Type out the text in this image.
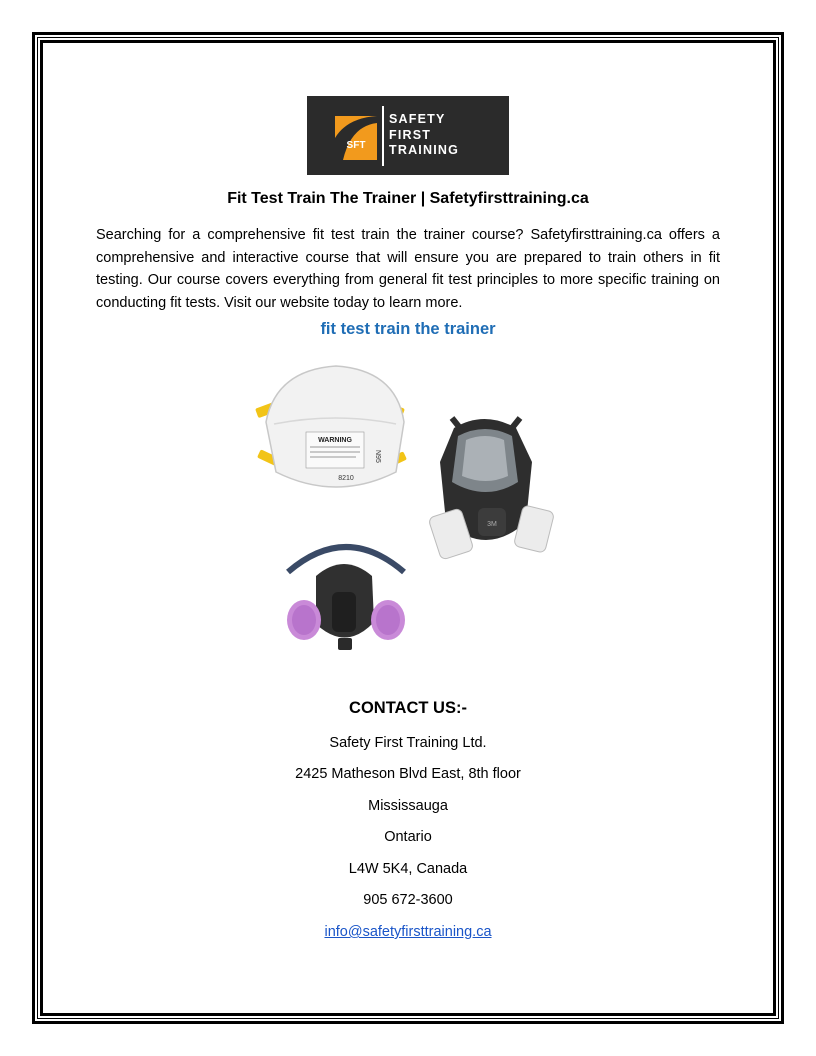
SFT
SAFETY
FIRST
TRAINING
Fit Test Train The Trainer | Safetyfirsttraining.ca
Searching for a comprehensive fit test train the trainer course? Safetyfirsttraining.ca offers a comprehensive and interactive course that will ensure you are prepared to train others in fit testing. Our course covers everything from general fit test principles to more specific training on conducting fit tests. Visit our website today to learn more.
fit test train the trainer
WARNING
8210
N95
3M
CONTACT US:-
Safety First Training Ltd.
2425 Matheson Blvd East, 8th floor
Mississauga
Ontario
L4W 5K4, Canada
905 672-3600
info@safetyfirsttraining.ca
